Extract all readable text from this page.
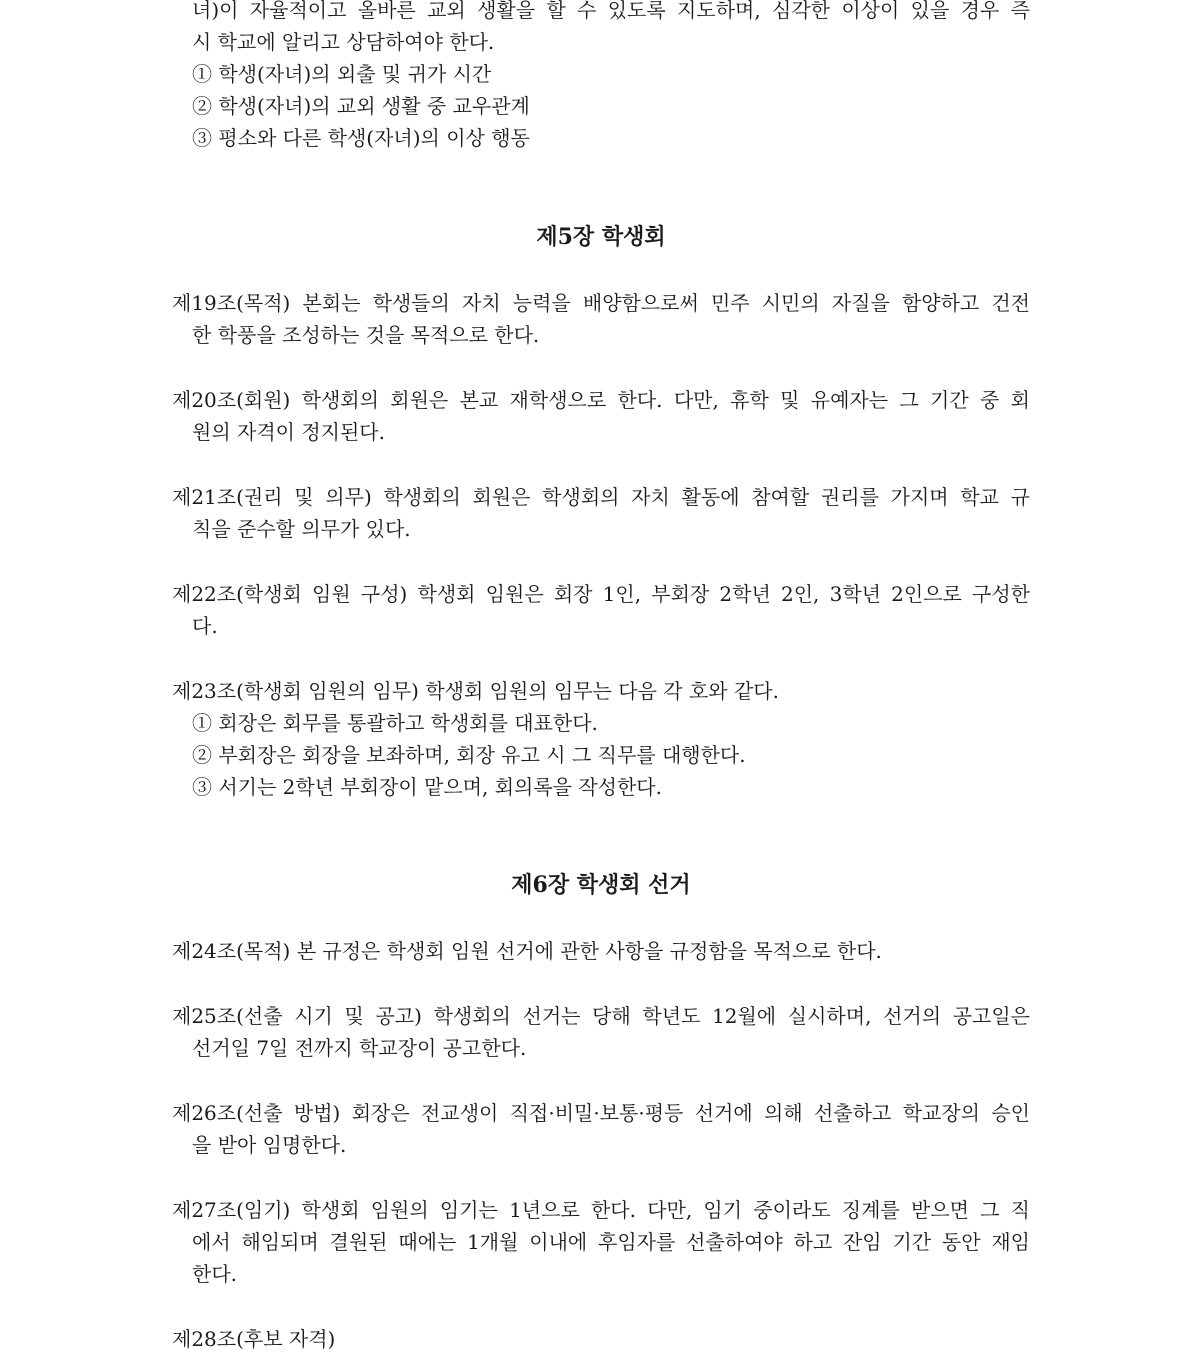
녀)이 자율적이고 올바른 교외 생활을 할 수 있도록 지도하며, 심각한 이상이 있을 경우 즉
시 학교에 알리고 상담하여야 한다.
① 학생(자녀)의 외출 및 귀가 시간
② 학생(자녀)의 교외 생활 중 교우관계
③ 평소와 다른 학생(자녀)의 이상 행동
제5장 학생회
제19조(목적) 본회는 학생들의 자치 능력을 배양함으로써 민주 시민의 자질을 함양하고 건전
한 학풍을 조성하는 것을 목적으로 한다.
제20조(회원) 학생회의 회원은 본교 재학생으로 한다. 다만, 휴학 및 유예자는 그 기간 중 회
원의 자격이 정지된다.
제21조(권리 및 의무) 학생회의 회원은 학생회의 자치 활동에 참여할 권리를 가지며 학교 규
칙을 준수할 의무가 있다.
제22조(학생회 임원 구성) 학생회 임원은 회장 1인, 부회장 2학년 2인, 3학년 2인으로 구성한
다.
제23조(학생회 임원의 임무) 학생회 임원의 임무는 다음 각 호와 같다.
① 회장은 회무를 통괄하고 학생회를 대표한다.
② 부회장은 회장을 보좌하며, 회장 유고 시 그 직무를 대행한다.
③ 서기는 2학년 부회장이 맡으며, 회의록을 작성한다.
제6장 학생회 선거
제24조(목적) 본 규정은 학생회 임원 선거에 관한 사항을 규정함을 목적으로 한다.
제25조(선출 시기 및 공고) 학생회의 선거는 당해 학년도 12월에 실시하며, 선거의 공고일은
선거일 7일 전까지 학교장이 공고한다.
제26조(선출 방법) 회장은 전교생이 직접·비밀·보통·평등 선거에 의해 선출하고 학교장의 승인
을 받아 임명한다.
제27조(임기) 학생회 임원의 임기는 1년으로 한다. 다만, 임기 중이라도 징계를 받으면 그 직
에서 해임되며 결원된 때에는 1개월 이내에 후임자를 선출하여야 하고 잔임 기간 동안 재임
한다.
제28조(후보 자격)
